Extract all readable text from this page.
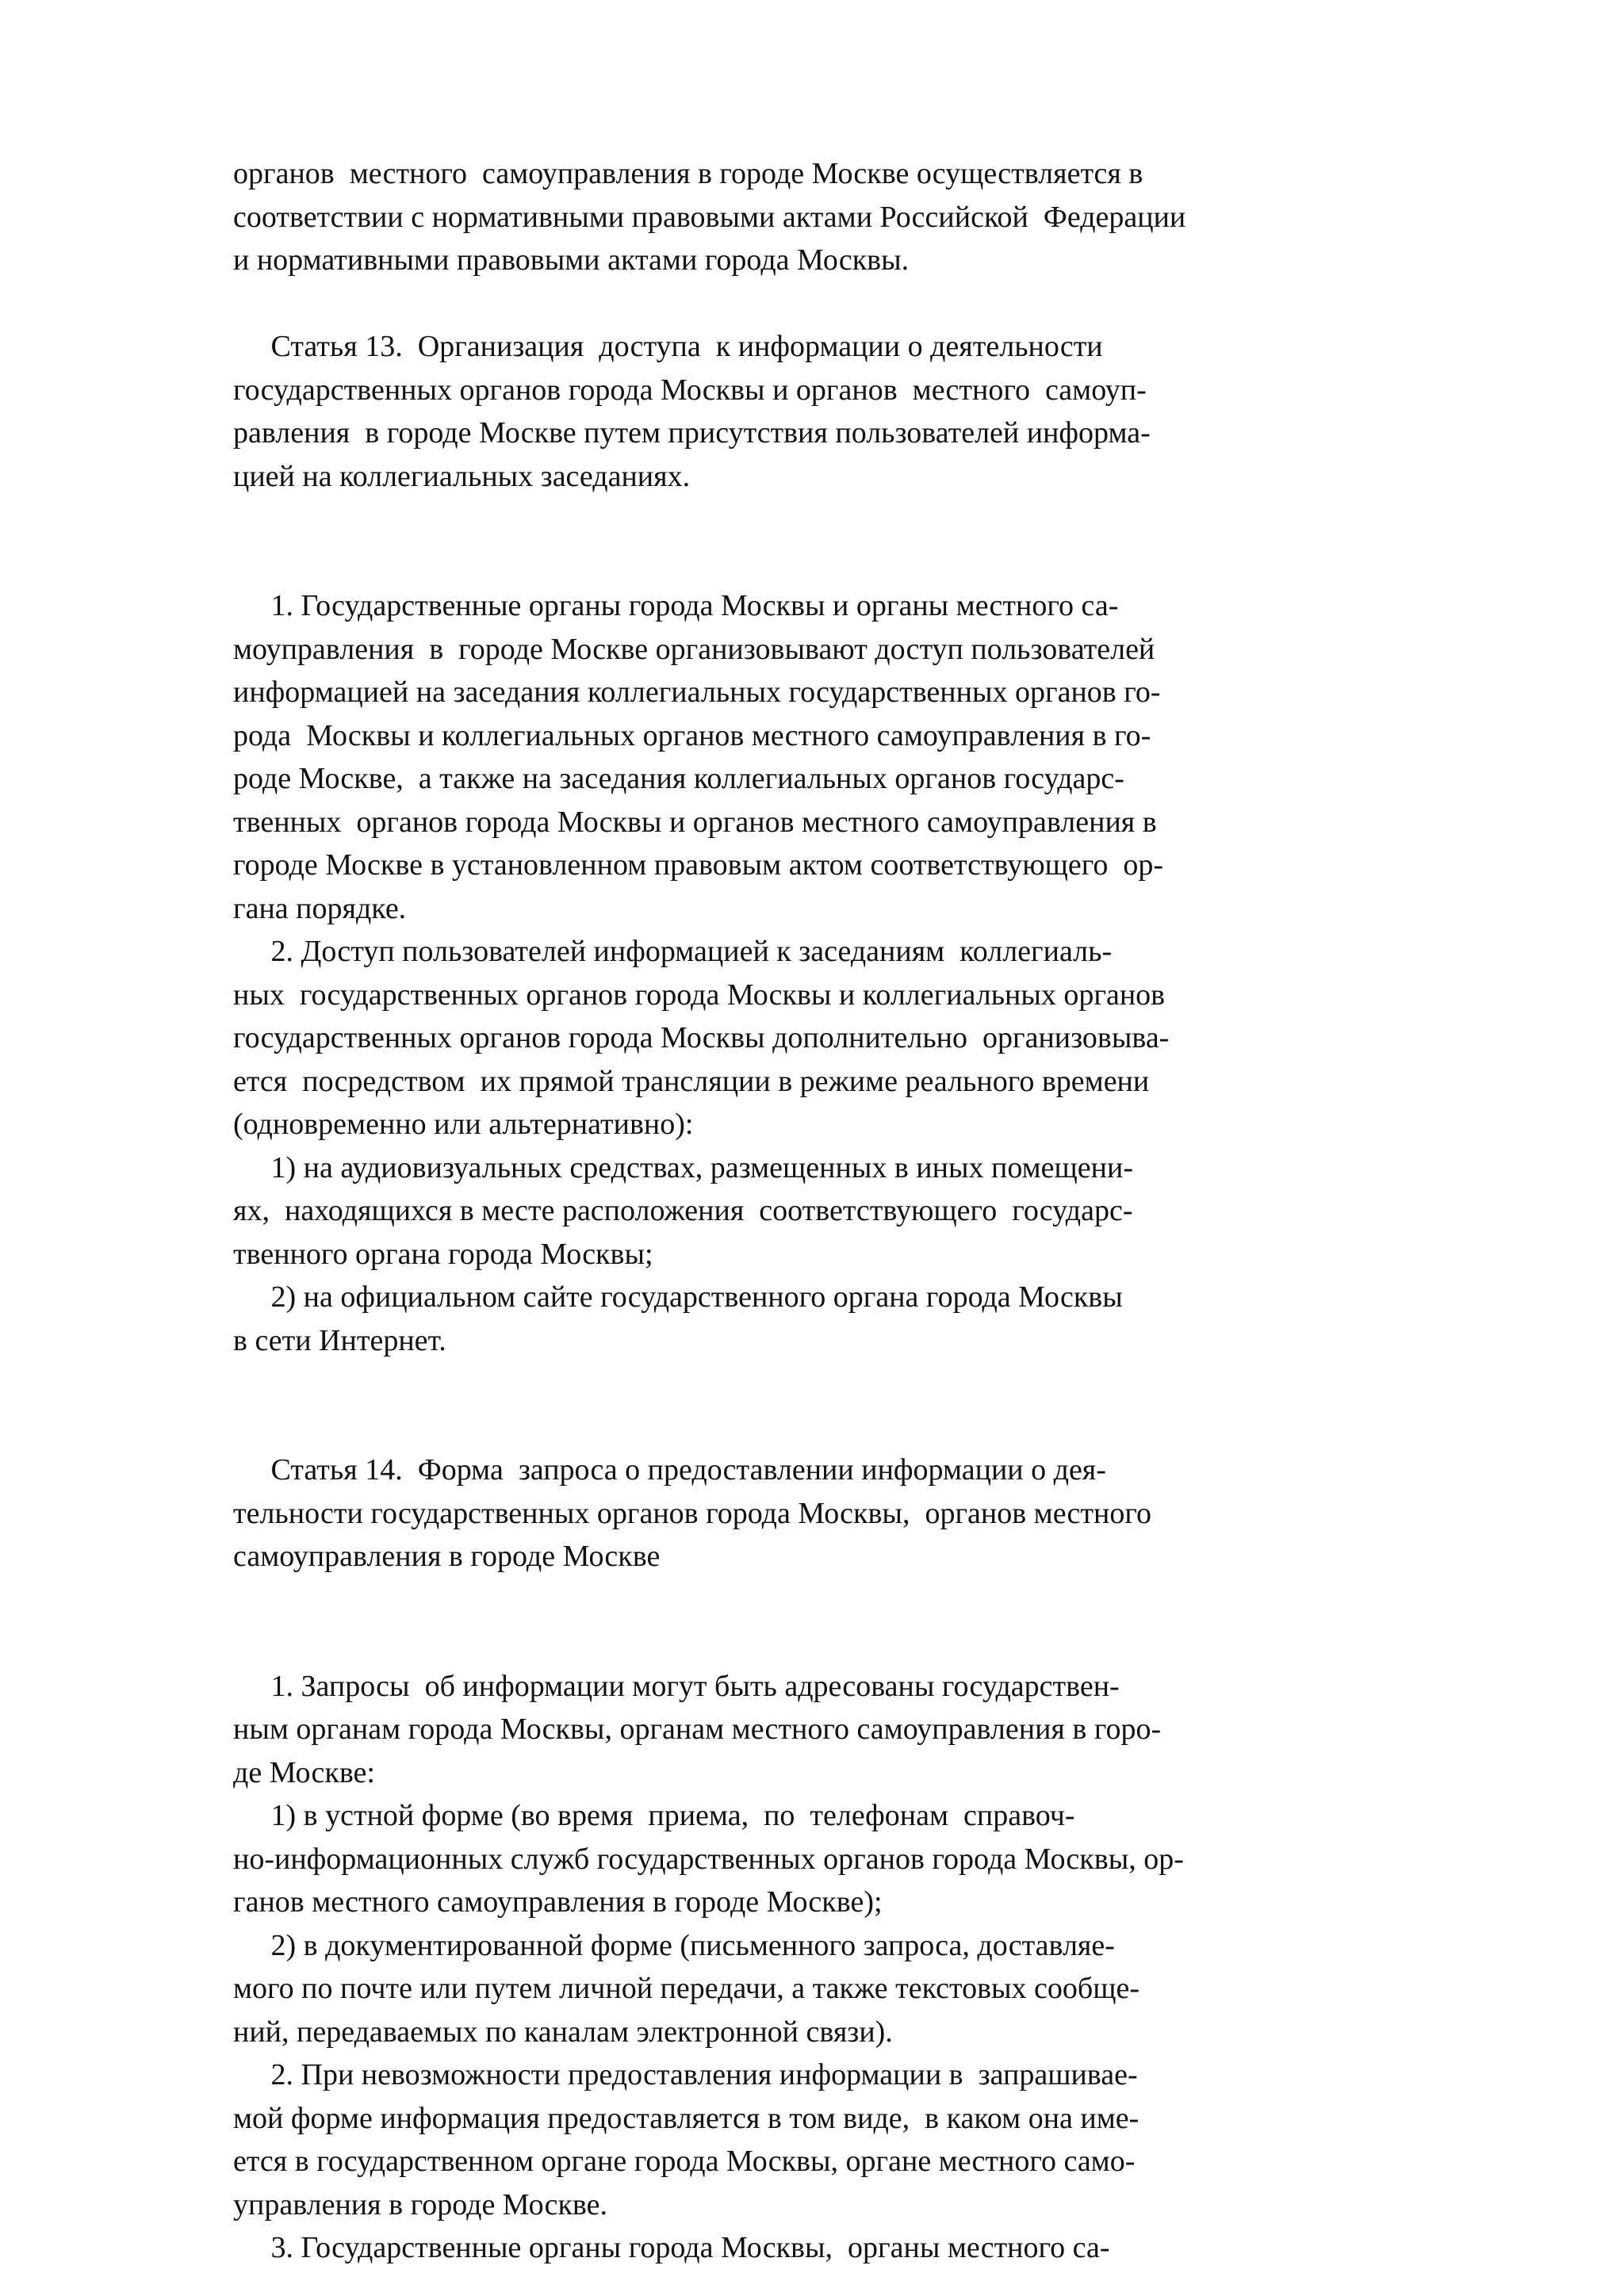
органов  местного  самоуправления в городе Москве осуществляется в
соответствии с нормативными правовыми актами Российской  Федерации
и нормативными правовыми актами города Москвы.
Статья 13.  Организация  доступа  к информации о деятельности
государственных органов города Москвы и органов  местного  самоуп-
равления  в городе Москве путем присутствия пользователей информа-
цией на коллегиальных заседаниях.
1. Государственные органы города Москвы и органы местного са-
моуправления  в  городе Москве организовывают доступ пользователей
информацией на заседания коллегиальных государственных органов го-
рода  Москвы и коллегиальных органов местного самоуправления в го-
роде Москве,  а также на заседания коллегиальных органов государс-
твенных  органов города Москвы и органов местного самоуправления в
городе Москве в установленном правовым актом соответствующего  ор-
гана порядке.
2. Доступ пользователей информацией к заседаниям  коллегиаль-
ных  государственных органов города Москвы и коллегиальных органов
государственных органов города Москвы дополнительно  организовыва-
ется  посредством  их прямой трансляции в режиме реального времени
(одновременно или альтернативно):
1) на аудиовизуальных средствах, размещенных в иных помещени-
ях,  находящихся в месте расположения  соответствующего  государс-
твенного органа города Москвы;
2) на официальном сайте государственного органа города Москвы
в сети Интернет.
Статья 14.  Форма  запроса о предоставлении информации о дея-
тельности государственных органов города Москвы,  органов местного
самоуправления в городе Москве
1. Запросы  об информации могут быть адресованы государствен-
ным органам города Москвы, органам местного самоуправления в горо-
де Москве:
1) в устной форме (во время  приема,  по  телефонам  справоч-
но-информационных служб государственных органов города Москвы, ор-
ганов местного самоуправления в городе Москве);
2) в документированной форме (письменного запроса, доставляе-
мого по почте или путем личной передачи, а также текстовых сообще-
ний, передаваемых по каналам электронной связи).
2. При невозможности предоставления информации в  запрашивае-
мой форме информация предоставляется в том виде,  в каком она име-
ется в государственном органе города Москвы, органе местного само-
управления в городе Москве.
3. Государственные органы города Москвы,  органы местного са-
